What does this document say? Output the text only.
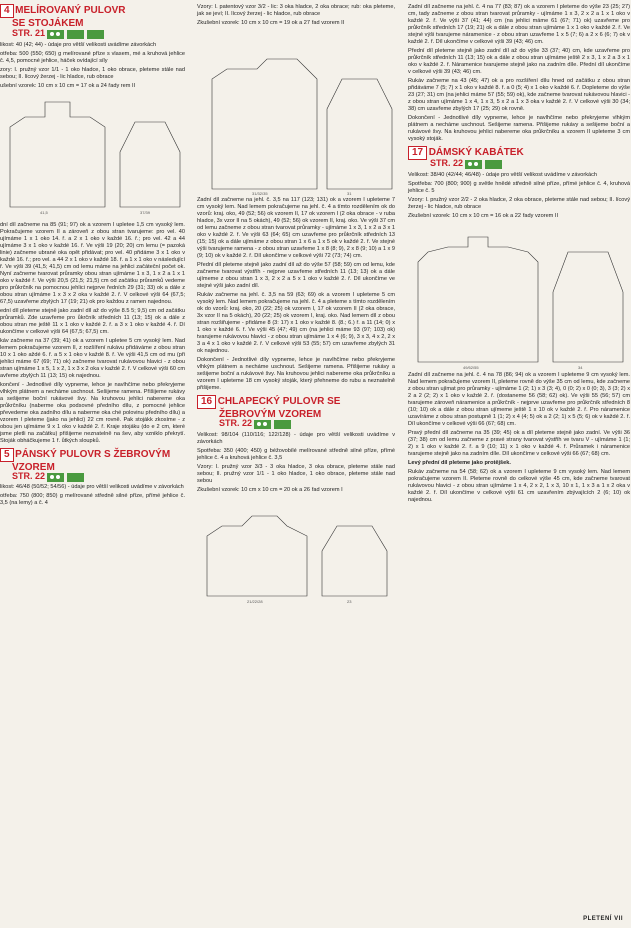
4 MELÍROVANÝ PULOVR
SE STOJÁKEM
STR. 21

likost: 40 (42; 44) - údaje pro větší velikosti uvádíme závorkách

otřeba: 500 (550; 650) g melírované příze s vlasem, mé a kruhová jehlice č. 4,5, pomocné jehlice, háček ovídající síly

zory: I. pružný vzor 1/1 - 1 oko hladce, 1 oko obrace, pleteme stále nad sebou; II. lícový žerzej - lic hladce, rub obrace

ušební vzorek: 10 cm x 10 cm = 17 ok a 24 řady rem II

41,5	37/39

dní díl začneme na 85 (91; 97) ok a vzorem I upletee 1,5 cm vysoký lem. Pokračujeme vzorem II a zároveň z obou stran tvarujeme: pro vel. 40 ujímáme 1 x 1 oko 14. ř. a 2 x 1 oko v každé 16. ř.; pro vel. 42 a 44 ujímáme 3 x 1 oko v každé 16. ř. Ve výši 19 (20; 20) cm lemu (= pazoká linie) začneme ubrané oka opět přidávat; pro vel. 40 přidáme 3 x 1 oko v každé 16. ř.; pro vel. a 44 2 x 1 oko v každé 18. ř. a 1 x 1 oko v následující ř. Ve výši 39 (41,5; 41,5) cm od lemu máme na jehlici začáteční počet ok. Nyní začneme tvarovat průramky obou stran ujímáme 1 x 3, 1 x 2 a 1 x 1 oko v každé ř. Ve výši 20,5 (21,5; 21,5) cm od začátku průramků vedeme pro průkrčník na pomocnou jehlici nejprve ředních 29 (31; 33) ok a dále z obou stran ujímáme 1 x 3 x 2 oka v každé 2. ř. V celkové výši 64 (67,5; 67,5) uzavřeme zbylých 17 (19; 21) ok pro každou z ramen najednou.

ední díl pleteme stejně jako zadní díl až do výše 8.5 5; 9,5) cm od začátku průramků. Zde uzavřeme pro ůkrčník středních 11 (13; 15) ok a dále z obou stran me ještě 11 x 1 oko v každé 2. ř. a 3 x 1 oko v každé 4. ř. Dí ukončíme v celkové výši 64 (67,5; 67,5) cm.

káv začneme na 37 (39; 41) ok a vzorem I upletee 5 cm vysoký lem. Nad lemem pokračujeme vzorem II, z rozšíření rukávu přidáváme z obou stran 10 x 1 oko aždé 6. ř. a 5 x 1 oko v každé 8. ř. Ve výši 41,5 cm od mu (při jehlici máme 67 (69; 71) ok) začneme tvarovat rukávovou hlavici - z obou stran ujímáme 1 x 5, 1 x 2, 1 x 3 x 2 oka v každé 2. ř. V celkové výši 60 cm avřeme zbylých 11 (13; 15) ok najednou.

končení - Jednotlivé díly vypneme, lehce je navlhčíme nebo překryjeme vlhkým plátnem a necháme uschnout. Sešijeme ramena. Přišijeme rukávy a sešijeme boční rukávové švy. Na kruhovou jehlici nabereme oka průkrčníku (naberme oka podsovné předního dílu, z pomocné jehlice převedeme oka zadního dílu a naberme oka ché polovinu předního dílu) a vzorem I pleteme (jako na jehlici) 22 cm rovně. Pak stojákk zkosíme - z obou jen ujímáme 9 x 1 oko v každé 2. ř. Kraje stojáku (do e 2 cm, které jsme pletli na začátku) přišijeme neznatelně na šev, aby vzniklo překrytí. Stoják obháčkujeme 1 ř. ůtkých sloupků.

5 PÁNSKÝ PULOVR S ŽEBROVÝM
VZOREM
STR. 22

likost: 46/48 (50/52; 54/56) - údaje pro větší velikosti uvádíme v závorkách

otřeba: 750 (800; 850) g melírované středně silné příze, přímé jehlice č. 3,5 (na lemy) a č. 4

Vzory: I. patentový vzor 3/2 - lic: 3 oka hladce, 2 oka obrace; rub: oka pleteme, jak se jeví; II. lícový žerzej - lic hladce, rub obrace

Zkušební vzorek: 10 cm x 10 cm = 19 ok a 27 řad vzorem II

31/32/35	31

Zadní díl začneme na jehl. č. 3,5 na 117 (123; 131) ok a vzorem I upleteme 7 cm vysoký lem. Nad lemem pokračujeme na jehl. č. 4 a tímto rozdělením ok do vzorů: kraj. oko, 49 (52; 56) ok vzorem II, 17 ok vzorem I (2 oka obrace - v ruba hladce, 3x vzor II na 5 okách), 49 (52; 56) ok vzorem II, kraj. oko. Ve výši 37 cm od lemu začneme z obou stran tvarovat průramky - ujímáme 1 x 3, 1 x 2 a 3 x 1 oko v každé 2. ř. Ve výši 63 (64; 65) cm uzavřeme pro průkrčník středních 13 (15; 15) ok a dále ujímáme z obou stran 1 x 6 a 1 x 5 ok v každé 2. ř. Ve stejné výši tvarujeme ramena - z obou stran uzavřeme 1 x 8 (8; 9), 2 x 8 (9; 10) a 1 x 9 (9; 10) ok v každé 2. ř. Díl ukončíme v celkové výši 72 (73; 74) cm.

Přední díl pleteme stejně jako zadní díl až do výše 57 (58; 59) cm od lemu, kde začneme tvarovat výstřih - nejprve uzavřeme středních 11 (13; 13) ok a dále ujímeme z obou stran 1 x 3, 2 x 2 a 5 x 1 oko v každé 2. ř. Díl ukončíme ve stejné výši jako zadní díl.

Rukáv začneme na jehl. č. 3,5 na 59 (63; 69) ok a vzorem I upleteme 5 cm vysoký lem. Nad lemem pokračujeme na jehl. č. 4 a pleteme s tímto rozdělením ok do vzorů: kraj. oko, 20 (22; 25) ok vzorem I, 17 ok vzorem II (2 oka obrace, 3x vzor II na 5 okách), 20 (22; 25) ok vzorem I, kraj. oko. Nad lemem díl z obou stran rozšiřujeme - přidáme 8 (3: 17) x 1 oko v každé 8. (8.; 6.) ř. a 11 (14; 0) x 1 oko v každé 6. ř. Ve výši 45 (47; 49) cm (na jehlici máme 93 (97; 103) ok) tvarujeme rukávovou hlavici - z obou stran ujímáme 1 x 4 (6; 9), 3 x 3, 4 x 2, 2 x 3 a 4 x 1 oko v každé 2. ř. V celkové výši 53 (55; 57) cm uzavřeme zbylých 31 ok najednou.

Dokončení - Jednotlivé díly vypneme, lehce je navlhčíme nebo překryjeme vlhkým plátnem a necháme uschnout. Sešijeme ramena. Přišijeme rukávy a sešijeme boční a rukávové švy. Na kruhovou jehlici nabereme oka průkrčníku a vzorem I upleteme 18 cm vysoký stoják, který přehneme do rubu a neznatelně přišijeme.

16 CHLAPECKÝ PULOVR SE
ŽEBROVÝM VZOREM
STR. 22

Velikost: 98/104 (110/116; 122/128) - údaje pro větší velikosti uvádíme v závorkách

Spotřeba: 350 (400; 450) g béžovobílé melírované středně silné příze, přímé jehlice č. 4 a kruhová jehlice č. 3,5

Vzory: I. pružný vzor 3/3 - 3 oka hladce, 3 oka obrace, pleteme stále nad sebou; II. pružný vzor 1/1 - 1 oko hladce, 1 oko obrace, pleteme stále nad sebou

Zkušební vzorek: 10 cm x 10 cm = 20 ok a 26 řad vzorem I

21/22/28	23

Zadní díl začneme na jehl. č. 4 na 77 (83; 87) ok a vzorem I pleteme do výše 23 (25; 27) cm, tady začneme z obou stran tvarovat průramky - ujímáme 1 x 3, 2 x 2 a 1 x 1 oko v každé 2. ř. Ve výši 37 (41; 44) cm (na jehlici máme 61 (67; 71) ok) uzavřeme pro průkrčník středních 17 (19; 21) ok a dále z obou stran ujímáme 1 x 1 oko v každé 2. ř. Ve stejné výši tvarujeme náramenice - z obou stran uzavřeme 1 x 5 (7; 6) a 2 x 6 (6; 7) ok v každé 2. ř. Díl ukončíme v celkové výši 39 (43; 46) cm.

Přední díl pleteme stejně jako zadní díl až do výše 33 (37; 40) cm, kde uzavřeme pro průkrčník středních 11 (13; 15) ok a dále z obou stran ujímáme ještě 2 x 3, 1 x 2 a 3 x 1 oko v každé 2. ř. Náramenice tvarujeme stejně jako na zadním díle. Přední díl ukončíme v celkové výši 39 (43; 46) cm.

Rukáv začneme na 43 (45; 47) ok a pro rozšíření dílu hned od začátku z obou stran přidáváme 7 (5; 7) x 1 oko v každé 8. ř. a 0 (5; 4) x 1 oko v každé 6. ř. Dopleteme do výše 23 (27; 31) cm (na jehlici máme 57 (55; 59) ok), kde začneme tvarovat rukávovou hlavici - z obou stran ujímáme 1 x 4, 1 x 3, 5 x 2 a 1 x 3 oka v každé 2. ř. V celkové výši 30 (34; 38) cm uzavřeme zbylých 17 (25; 29) ok rovně.

Dokončení - Jednotlivé díly vypneme, lehce je navlhčíme nebo překryjeme vlhkým plátnem a necháme uschnout. Sešijeme ramena. Přišijeme rukávy a sešijeme boční a rukávové švy. Na kruhovou jehlici nabereme oka průkrčníku a vzorem II upleteme 3 cm vysoký stoják.

17 DÁMSKÝ KABÁTEK
STR. 22

Velikost: 38/40 (42/44; 46/48) - údaje pro větší velikost uvádíme v závorkách

Spotřeba: 700 (800; 900) g světle hnědé středně silné příze, přímé jehlice č. 4, kruhová jehlice č. 5

Vzory: I. pružný vzor 2/2 - 2 oka hladce, 2 oka obrace, pleteme stále nad sebou; II. lícový žerzej - lic hladce, rub obrace

Zkušební vzorek: 10 cm x 10 cm = 16 ok a 22 řady vzorem II

49/52/55	34

Zadní díl začneme na jehl. č. 4 na 78 (86; 94) ok a vzorem I upleteme 9 cm vysoký lem. Nad lemem pokračujeme vzorem II, pleteme rovně do výše 35 cm od lemu, kde začneme z obou stran ujímat pro průramky - ujímáme 1 (2; 1) x 3 (3; 4), 0 (0; 2) x 0 (0; 3), 3 (3; 2) x 2 a 2 (2; 2) x 1 oko v každé 2. ř. (dostaneme 56 (58; 62) ok). Ve výši 55 (56; 57) cm tvarujeme zároveň náramenice a průkrčník - nejprve uzavřeme pro průkrčník středních 8 (10; 10) ok a dále z obou stran ujímeme ještě 1 x 10 ok v každé 2. ř. Pro náramenice uzavíráme z obou stran postupně 1 (1; 2) x 4 (4; 5) ok a 2 (2; 1) x 5 (5; 6) ok v každé 2. ř. Díl ukončíme v celkové výši 66 (67; 68) cm.

Pravý přední díl začneme na 35 (39; 45) ok a díl pleteme stejně jako zadní. Ve výši 36 (37; 38) cm od lemu začneme z pravé strany tvarovat výstřih ve tvaru V - ujímáme 1 (1; 2) x 1 oko v každé 2. ř. a 9 (10; 11) x 1 oko v každé 4. ř. Průramek i náramenice tvarujeme stejně jako na zadním díle. Díl ukončíme v celkové výši 66 (67; 68) cm.

Levý přední díl pleteme jako protějšek.

Rukáv začneme na 54 (58; 62) ok a vzorem I upleteme 9 cm vysoký lem. Nad lemem pokračujeme vzorem II. Pleteme rovně do celkové výše 45 cm, kde začneme tvarovat rukávovou hlavici - z obou stran ujímáme 1 x 4, 2 x 2, 1 x 3, 10 x 1, 1 x 3 a 1 x 2 oka v každé 2. ř. Díl ukončíme v celkové výši 61 cm uzavřením zbývajících 2 (6; 10) ok najednou.

PLETENÍ VII
